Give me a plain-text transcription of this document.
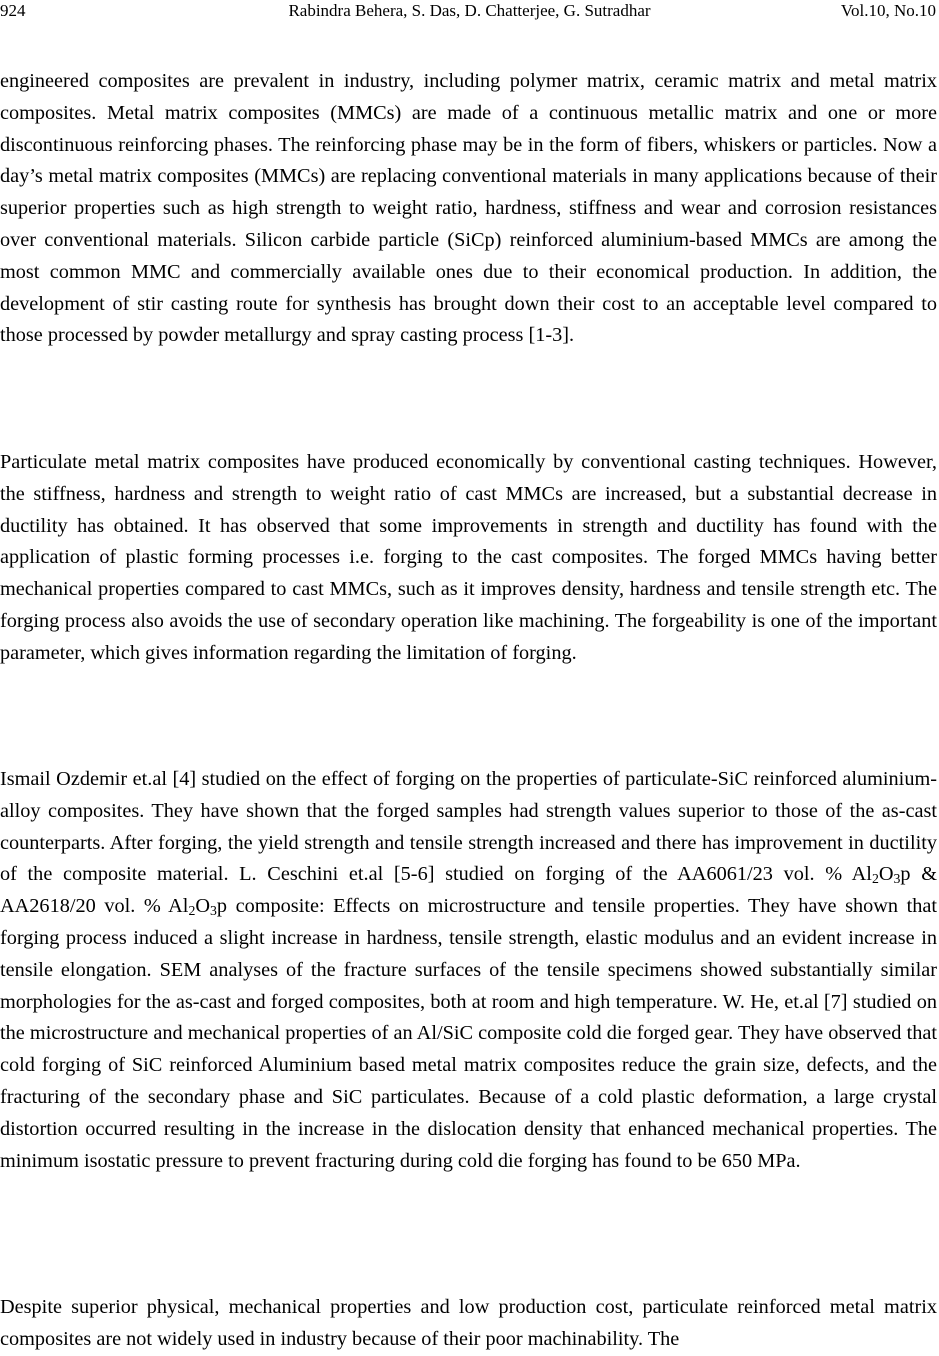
924	Rabindra Behera, S. Das, D. Chatterjee, G. Sutradhar	Vol.10, No.10

engineered composites are prevalent in industry, including polymer matrix, ceramic matrix and metal matrix composites. Metal matrix composites (MMCs) are made of a continuous metallic matrix and one or more discontinuous reinforcing phases. The reinforcing phase may be in the form of fibers, whiskers or particles. Now a day’s metal matrix composites (MMCs) are replacing conventional materials in many applications because of their superior properties such as high strength to weight ratio, hardness, stiffness and wear and corrosion resistances over conventional materials. Silicon carbide particle (SiCp) reinforced aluminium-based MMCs are among the most common MMC and commercially available ones due to their economical production. In addition, the development of stir casting route for synthesis has brought down their cost to an acceptable level compared to those processed by powder metallurgy and spray casting process [1-3].

Particulate metal matrix composites have produced economically by conventional casting techniques. However, the stiffness, hardness and strength to weight ratio of cast MMCs are increased, but a substantial decrease in ductility has obtained. It has observed that some improvements in strength and ductility has found with the application of plastic forming processes i.e. forging to the cast composites. The forged MMCs having better mechanical properties compared to cast MMCs, such as it improves density, hardness and tensile strength etc. The forging process also avoids the use of secondary operation like machining. The forgeability is one of the important parameter, which gives information regarding the limitation of forging.

Ismail Ozdemir et.al [4] studied on the effect of forging on the properties of particulate-SiC reinforced aluminium-alloy composites. They have shown that the forged samples had strength values superior to those of the as-cast counterparts. After forging, the yield strength and tensile strength increased and there has improvement in ductility of the composite material. L. Ceschini et.al [5-6] studied on forging of the AA6061/23 vol. % $Al_2O_3p$ & AA2618/20 vol. % $Al_2O_3p$ composite: Effects on microstructure and tensile properties. They have shown that forging process induced a slight increase in hardness, tensile strength, elastic modulus and an evident increase in tensile elongation. SEM analyses of the fracture surfaces of the tensile specimens showed substantially similar morphologies for the as-cast and forged composites, both at room and high temperature. W. He, et.al [7] studied on the microstructure and mechanical properties of an Al/SiC composite cold die forged gear. They have observed that cold forging of SiC reinforced Aluminium based metal matrix composites reduce the grain size, defects, and the fracturing of the secondary phase and SiC particulates. Because of a cold plastic deformation, a large crystal distortion occurred resulting in the increase in the dislocation density that enhanced mechanical properties. The minimum isostatic pressure to prevent fracturing during cold die forging has found to be 650 MPa.

Despite superior physical, mechanical properties and low production cost, particulate reinforced metal matrix composites are not widely used in industry because of their poor machinability. The
